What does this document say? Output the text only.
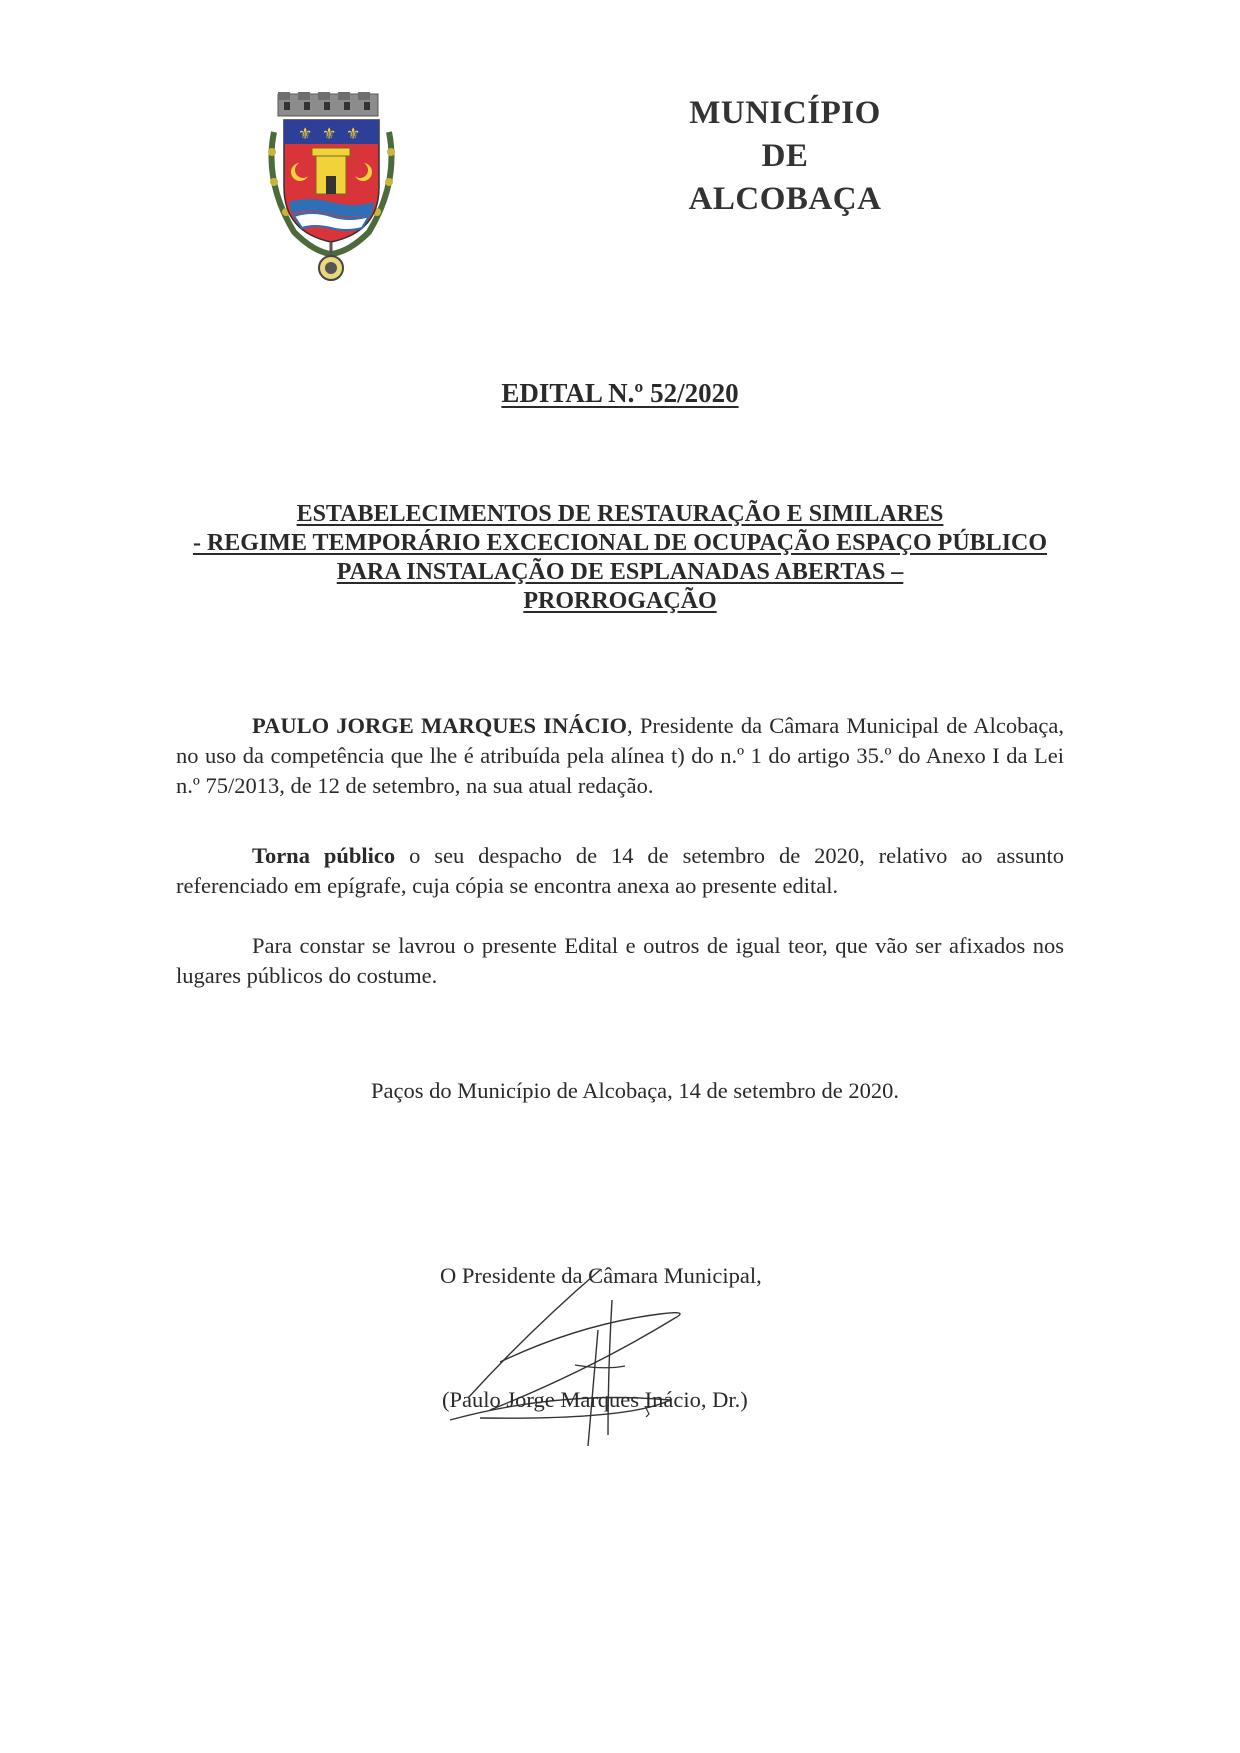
⚜ ⚜ ⚜
MUNICÍPIO
DE
ALCOBAÇA
EDITAL N.º 52/2020
ESTABELECIMENTOS DE RESTAURAÇÃO E SIMILARES
- REGIME TEMPORÁRIO EXCECIONAL DE OCUPAÇÃO ESPAÇO PÚBLICO
PARA INSTALAÇÃO DE ESPLANADAS ABERTAS –
PRORROGAÇÃO
PAULO JORGE MARQUES INÁCIO, Presidente da Câmara Municipal de Alcobaça, no uso da competência que lhe é atribuída pela alínea t) do n.º 1 do artigo 35.º do Anexo I da Lei n.º 75/2013, de 12 de setembro, na sua atual redação.
Torna público o seu despacho de 14 de setembro de 2020, relativo ao assunto referenciado em epígrafe, cuja cópia se encontra anexa ao presente edital.
Para constar se lavrou o presente Edital e outros de igual teor, que vão ser afixados nos lugares públicos do costume.
Paços do Município de Alcobaça, 14 de setembro de 2020.
O Presidente da Câmara Municipal,
(Paulo Jorge Marques Inácio, Dr.)
